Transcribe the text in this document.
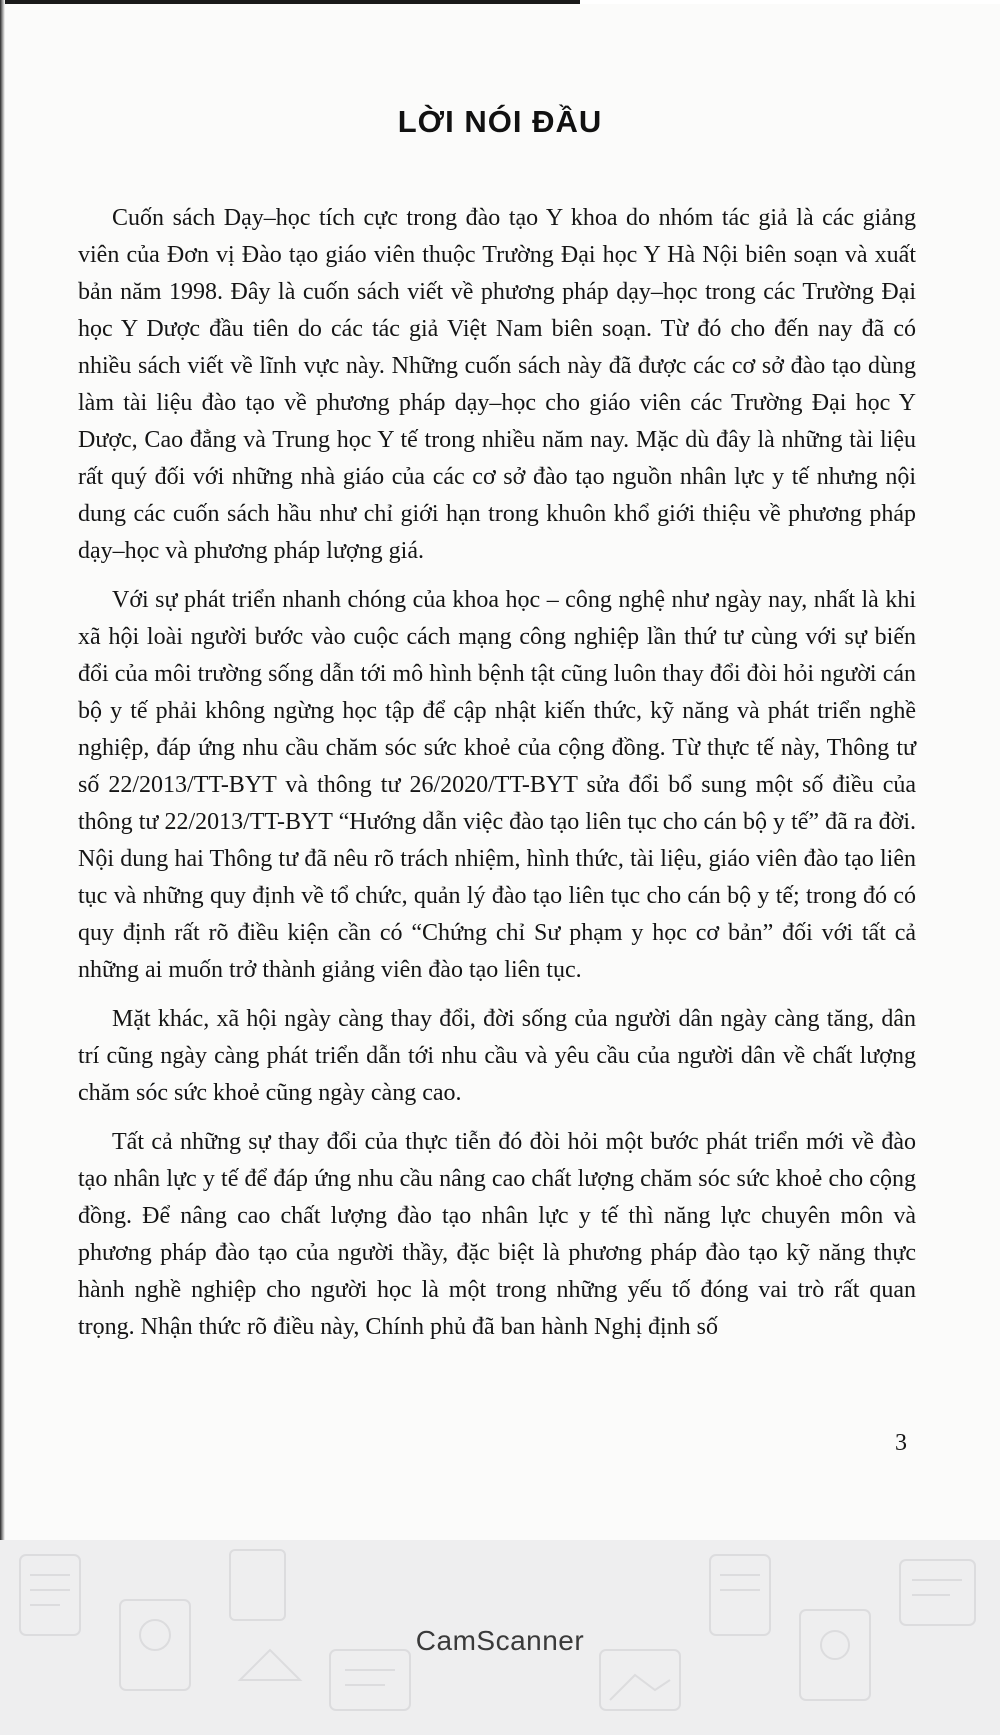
LỜI NÓI ĐẦU

Cuốn sách Dạy–học tích cực trong đào tạo Y khoa do nhóm tác giả là các giảng viên của Đơn vị Đào tạo giáo viên thuộc Trường Đại học Y Hà Nội biên soạn và xuất bản năm 1998. Đây là cuốn sách viết về phương pháp dạy–học trong các Trường Đại học Y Dược đầu tiên do các tác giả Việt Nam biên soạn. Từ đó cho đến nay đã có nhiều sách viết về lĩnh vực này. Những cuốn sách này đã được các cơ sở đào tạo dùng làm tài liệu đào tạo về phương pháp dạy–học cho giáo viên các Trường Đại học Y Dược, Cao đẳng và Trung học Y tế trong nhiều năm nay. Mặc dù đây là những tài liệu rất quý đối với những nhà giáo của các cơ sở đào tạo nguồn nhân lực y tế nhưng nội dung các cuốn sách hầu như chỉ giới hạn trong khuôn khổ giới thiệu về phương pháp dạy–học và phương pháp lượng giá.

Với sự phát triển nhanh chóng của khoa học – công nghệ như ngày nay, nhất là khi xã hội loài người bước vào cuộc cách mạng công nghiệp lần thứ tư cùng với sự biến đổi của môi trường sống dẫn tới mô hình bệnh tật cũng luôn thay đổi đòi hỏi người cán bộ y tế phải không ngừng học tập để cập nhật kiến thức, kỹ năng và phát triển nghề nghiệp, đáp ứng nhu cầu chăm sóc sức khoẻ của cộng đồng. Từ thực tế này, Thông tư số 22/2013/TT-BYT và thông tư 26/2020/TT-BYT sửa đổi bổ sung một số điều của thông tư 22/2013/TT-BYT “Hướng dẫn việc đào tạo liên tục cho cán bộ y tế” đã ra đời. Nội dung hai Thông tư đã nêu rõ trách nhiệm, hình thức, tài liệu, giáo viên đào tạo liên tục và những quy định về tổ chức, quản lý đào tạo liên tục cho cán bộ y tế; trong đó có quy định rất rõ điều kiện cần có “Chứng chỉ Sư phạm y học cơ bản” đối với tất cả những ai muốn trở thành giảng viên đào tạo liên tục.

Mặt khác, xã hội ngày càng thay đổi, đời sống của người dân ngày càng tăng, dân trí cũng ngày càng phát triển dẫn tới nhu cầu và yêu cầu của người dân về chất lượng chăm sóc sức khoẻ cũng ngày càng cao.

Tất cả những sự thay đổi của thực tiễn đó đòi hỏi một bước phát triển mới về đào tạo nhân lực y tế để đáp ứng nhu cầu nâng cao chất lượng chăm sóc sức khoẻ cho cộng đồng. Để nâng cao chất lượng đào tạo nhân lực y tế thì năng lực chuyên môn và phương pháp đào tạo của người thầy, đặc biệt là phương pháp đào tạo kỹ năng thực hành nghề nghiệp cho người học là một trong những yếu tố đóng vai trò rất quan trọng. Nhận thức rõ điều này, Chính phủ đã ban hành Nghị định số

3
CamScanner
